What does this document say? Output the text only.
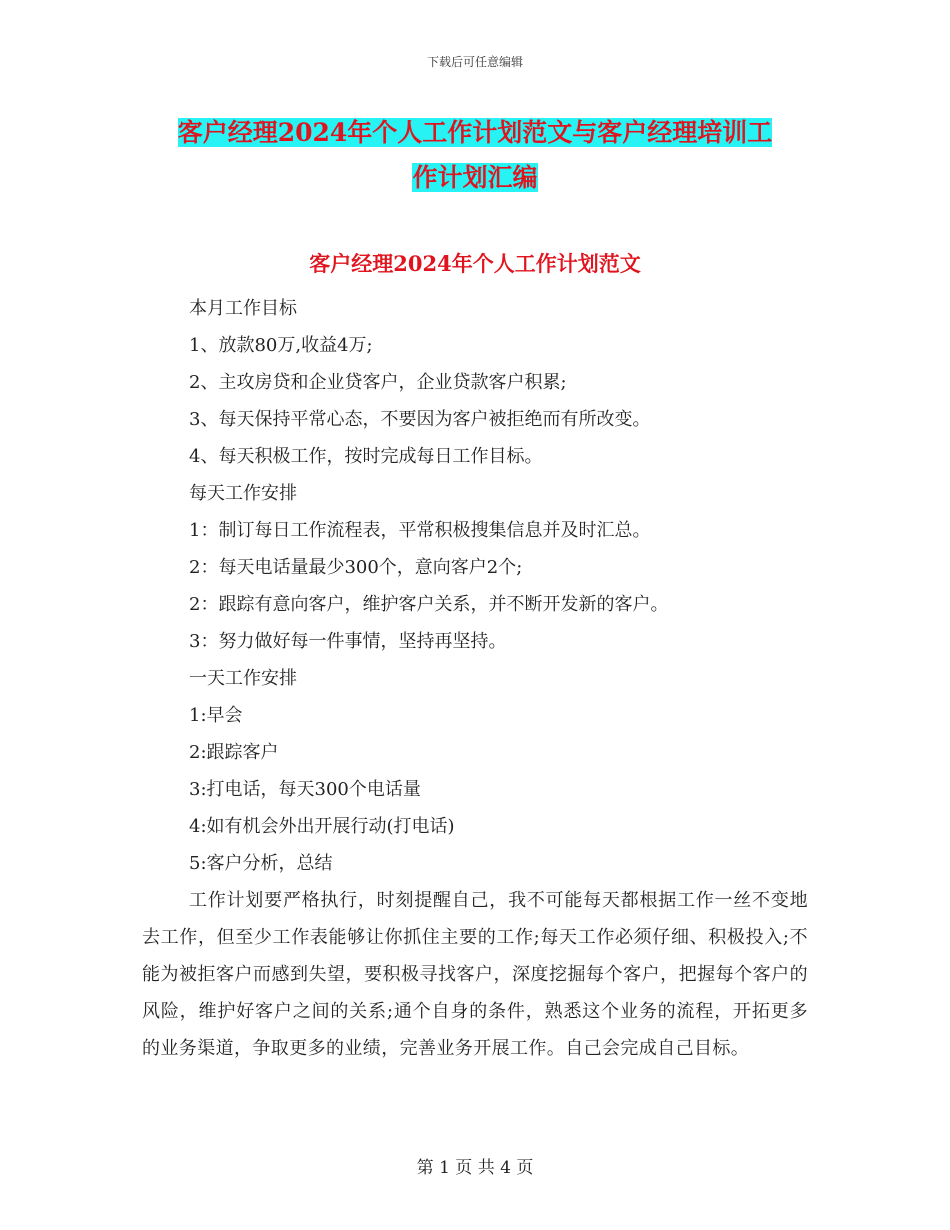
下载后可任意编辑
客户经理2024年个人工作计划范文与客户经理培训工
作计划汇编
客户经理2024年个人工作计划范文
本月工作目标
1、放款80万,收益4万;
2、主攻房贷和企业贷客户，企业贷款客户积累;
3、每天保持平常心态，不要因为客户被拒绝而有所改变。
4、每天积极工作，按时完成每日工作目标。
每天工作安排
1：制订每日工作流程表，平常积极搜集信息并及时汇总。
2：每天电话量最少300个，意向客户2个;
2：跟踪有意向客户，维护客户关系，并不断开发新的客户。
3：努力做好每一件事情，坚持再坚持。
一天工作安排
1:早会
2:跟踪客户
3:打电话，每天300个电话量
4:如有机会外出开展行动(打电话)
5:客户分析，总结

工作计划要严格执行，时刻提醒自己，我不可能每天都根据工作一丝不变地去工作，但至少工作表能够让你抓住主要的工作;每天工作必须仔细、积极投入;不能为被拒客户而感到失望，要积极寻找客户，深度挖掘每个客户，把握每个客户的风险，维护好客户之间的关系;通个自身的条件，熟悉这个业务的流程，开拓更多的业务渠道，争取更多的业绩，完善业务开展工作。自己会完成自己目标。

第 1 页 共 4 页
